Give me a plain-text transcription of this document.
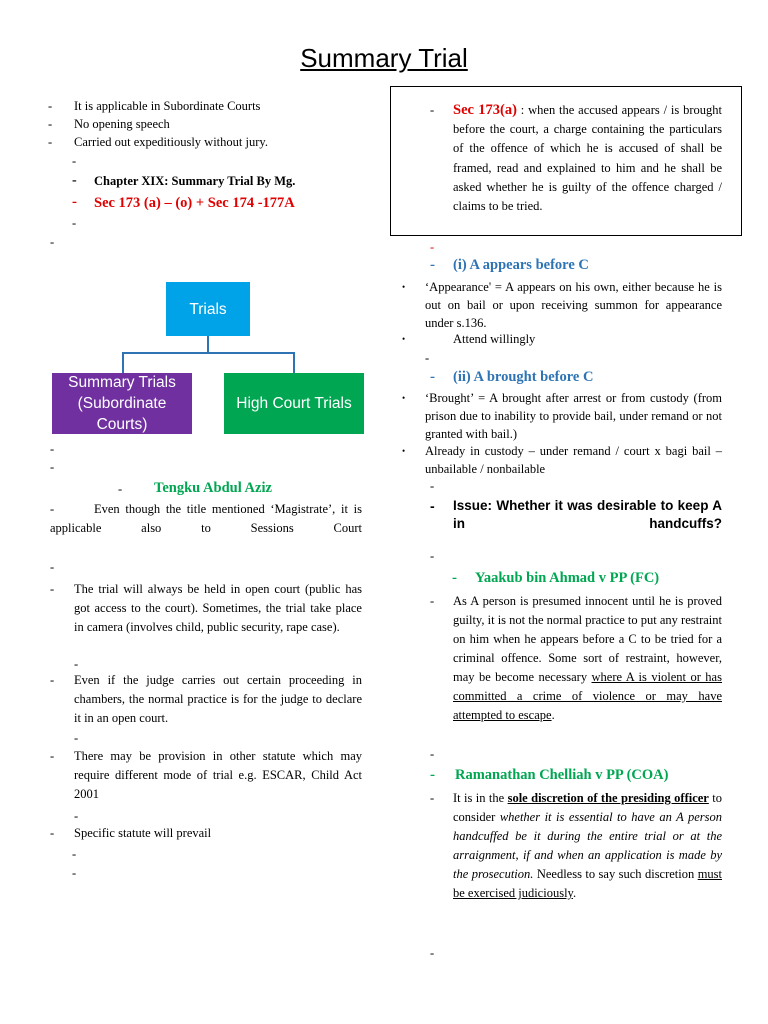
Summary Trial
- It is applicable in Subordinate Courts
- No opening speech
- Carried out expeditiously without jury.
-
- Chapter XIX: Summary Trial By Mg.
- Sec 173 (a) – (o) + Sec 174 -177A
-
-
Trials
Summary Trials (Subordinate Courts)
High Court Trials
-
-
- Tengku Abdul Aziz
-	Even though the title mentioned ‘Magistrate’, it is applicable also to Sessions Court
-
- The trial will always be held in open court (public has got access to the court). Sometimes, the trial take place in camera (involves child, public security, rape case).
-
- Even if the judge carries out certain proceeding in chambers, the normal practice is for the judge to declare it in an open court.
-
- There may be provision in other statute which may require different mode of trial e.g. ESCAR, Child Act 2001
-
- Specific statute will prevail
-
-
- Sec 173(a) : when the accused appears / is brought before the court, a charge containing the particulars of the offence of which he is accused of shall be framed, read and explained to him and he shall be asked whether he is guilty of the offence charged / claims to be tried.
-
- (i) A appears before C
• ‘Appearance' = A appears on his own, either because he is out on bail or upon receiving summon for appearance under s.136.
•	Attend willingly
-
- (ii) A brought before C
• ‘Brought’ = A brought after arrest or from custody (from prison due to inability to provide bail, under remand or not granted with bail.)
• Already in custody – under remand / court x bagi bail – unbailable / nonbailable
-
- Issue: Whether it was desirable to keep A in handcuffs?
-
- Yaakub bin Ahmad v PP (FC)
- As A person is presumed innocent until he is proved guilty, it is not the normal practice to put any restraint on him when he appears before a C to be tried for a criminal offence. Some sort of restraint, however, may be become necessary where A is violent or has committed a crime of violence or may have attempted to escape.
-
- Ramanathan Chelliah v PP (COA)
- It is in the sole discretion of the presiding officer to consider whether it is essential to have an A person handcuffed be it during the entire trial or at the arraignment, if and when an application is made by the prosecution. Needless to say such discretion must be exercised judiciously.
-
